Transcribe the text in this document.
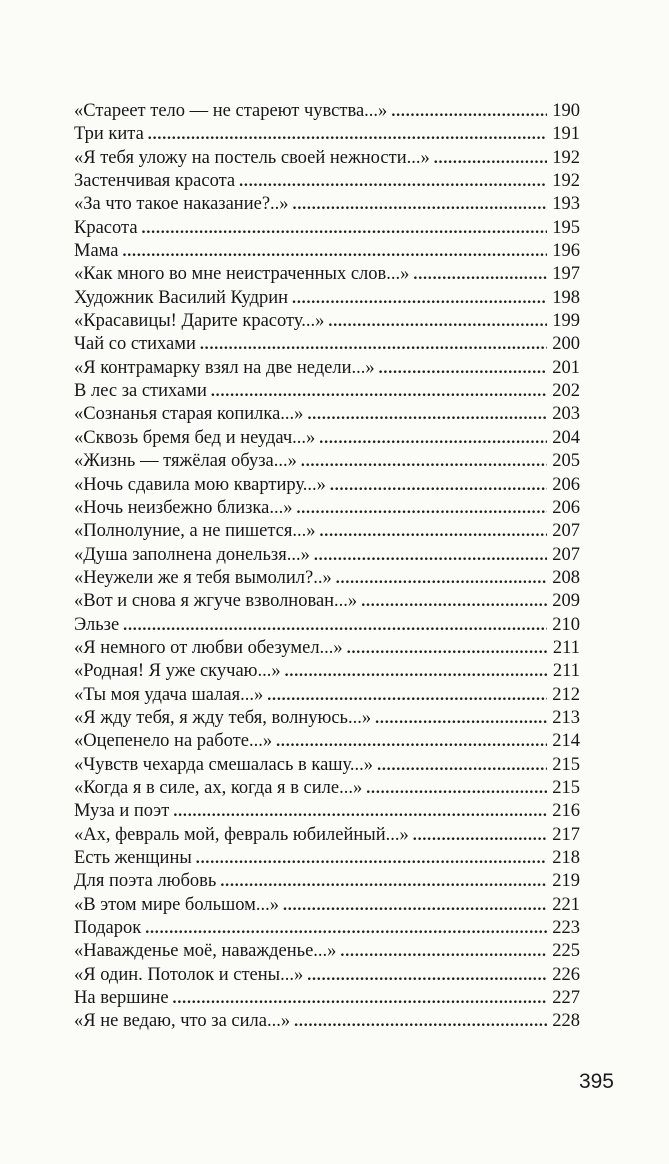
«Стареет тело — не стареют чувства...» . . .	190
Три кита . . .	191
«Я тебя уложу на постель своей нежности...» . . .	192
Застенчивая красота . . .	192
«За что такое наказание?..» . . .	193
Красота . . .	195
Мама . . .	196
«Как много во мне неистраченных слов...» . . .	197
Художник Василий Кудрин . . .	198
«Красавицы! Дарите красоту...» . . .	199
Чай со стихами . . .	200
«Я контрамарку взял на две недели...» . . .	201
В лес за стихами . . .	202
«Сознанья старая копилка...» . . .	203
«Сквозь бремя бед и неудач...» . . .	204
«Жизнь — тяжёлая обуза...» . . .	205
«Ночь сдавила мою квартиру...» . . .	206
«Ночь неизбежно близка...» . . .	206
«Полнолуние, а не пишется...» . . .	207
«Душа заполнена донельзя...» . . .	207
«Неужели же я тебя вымолил?..» . . .	208
«Вот и снова я жгуче взволнован...» . . .	209
Эльзе . . .	210
«Я немного от любви обезумел...» . . .	211
«Родная! Я уже скучаю...» . . .	211
«Ты моя удача шалая...» . . .	212
«Я жду тебя, я жду тебя, волнуюсь...» . . .	213
«Оцепенело на работе...» . . .	214
«Чувств чехарда смешалась в кашу...» . . .	215
«Когда я в силе, ах, когда я в силе...» . . .	215
Муза и поэт . . .	216
«Ах, февраль мой, февраль юбилейный...» . . .	217
Есть женщины . . .	218
Для поэта любовь . . .	219
«В этом мире большом...» . . .	221
Подарок . . .	223
«Наважденье моё, наважденье...» . . .	225
«Я один. Потолок и стены...» . . .	226
На вершине . . .	227
«Я не ведаю, что за сила...» . . .	228
395
